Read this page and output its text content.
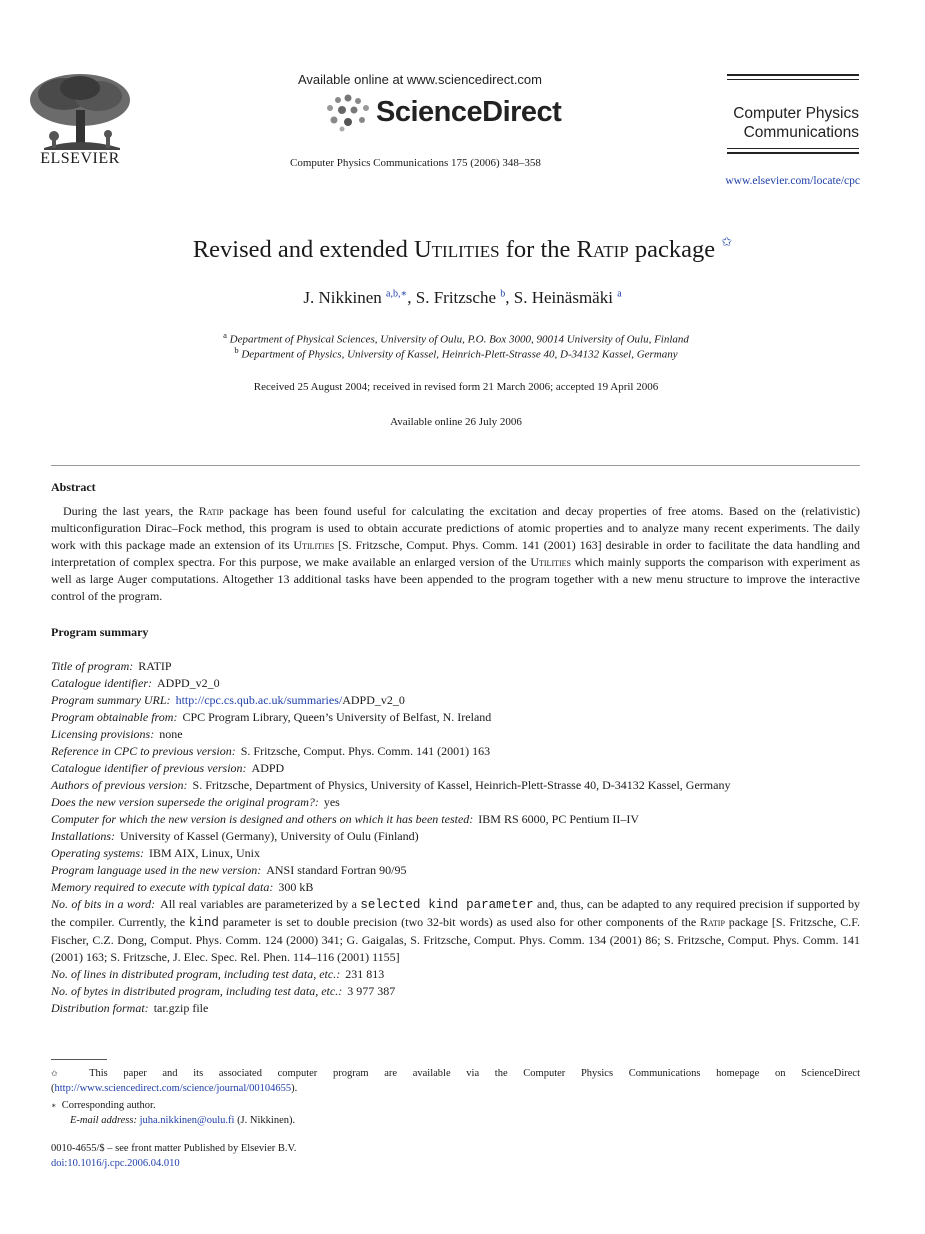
ELSEVIER
Available online at www.sciencedirect.com
ScienceDirect
Computer Physics Communications 175 (2006) 348–358
Computer Physics
Communications
www.elsevier.com/locate/cpc
Revised and extended Utilities for the Ratip package ✩
J. Nikkinen $^{a,b,∗}$, S. Fritzsche $^b$, S. Heinäsmäki $^a$
$^a$ Department of Physical Sciences, University of Oulu, P.O. Box 3000, 90014 University of Oulu, Finland
$^b$ Department of Physics, University of Kassel, Heinrich-Plett-Strasse 40, D-34132 Kassel, Germany
Received 25 August 2004; received in revised form 21 March 2006; accepted 19 April 2006
Available online 26 July 2006
Abstract

During the last years, the Ratip package has been found useful for calculating the excitation and decay properties of free atoms. Based on the (relativistic) multiconfiguration Dirac–Fock method, this program is used to obtain accurate predictions of atomic properties and to analyze many recent experiments. The daily work with this package made an extension of its Utilities [S. Fritzsche, Comput. Phys. Comm. 141 (2001) 163] desirable in order to facilitate the data handling and interpretation of complex spectra. For this purpose, we make available an enlarged version of the Utilities which mainly supports the comparison with experiment as well as large Auger computations. Altogether 13 additional tasks have been appended to the program together with a new menu structure to improve the interactive control of the program.

Program summary
Title of program: RATIP
Catalogue identifier: ADPD_v2_0
Program summary URL: http://cpc.cs.qub.ac.uk/summaries/ADPD_v2_0
Program obtainable from: CPC Program Library, Queen’s University of Belfast, N. Ireland
Licensing provisions: none
Reference in CPC to previous version: S. Fritzsche, Comput. Phys. Comm. 141 (2001) 163
Catalogue identifier of previous version: ADPD
Authors of previous version: S. Fritzsche, Department of Physics, University of Kassel, Heinrich-Plett-Strasse 40, D-34132 Kassel, Germany
Does the new version supersede the original program?: yes
Computer for which the new version is designed and others on which it has been tested: IBM RS 6000, PC Pentium II–IV
Installations: University of Kassel (Germany), University of Oulu (Finland)
Operating systems: IBM AIX, Linux, Unix
Program language used in the new version: ANSI standard Fortran 90/95
Memory required to execute with typical data: 300 kB
No. of bits in a word: All real variables are parameterized by a selected kind parameter and, thus, can be adapted to any required precision if supported by the compiler. Currently, the kind parameter is set to double precision (two 32-bit words) as used also for other components of the Ratip package [S. Fritzsche, C.F. Fischer, C.Z. Dong, Comput. Phys. Comm. 124 (2000) 341; G. Gaigalas, S. Fritzsche, Comput. Phys. Comm. 134 (2001) 86; S. Fritzsche, Comput. Phys. Comm. 141 (2001) 163; S. Fritzsche, J. Elec. Spec. Rel. Phen. 114–116 (2001) 1155]
No. of lines in distributed program, including test data, etc.: 231 813
No. of bytes in distributed program, including test data, etc.: 3 977 387
Distribution format: tar.gzip file
✩	This paper and its associated computer program are available via the Computer Physics Communications homepage on ScienceDirect (http://www.sciencedirect.com/science/journal/00104655).
∗ Corresponding author.
E-mail address: juha.nikkinen@oulu.fi (J. Nikkinen).
0010-4655/$ – see front matter Published by Elsevier B.V.
doi:10.1016/j.cpc.2006.04.010
